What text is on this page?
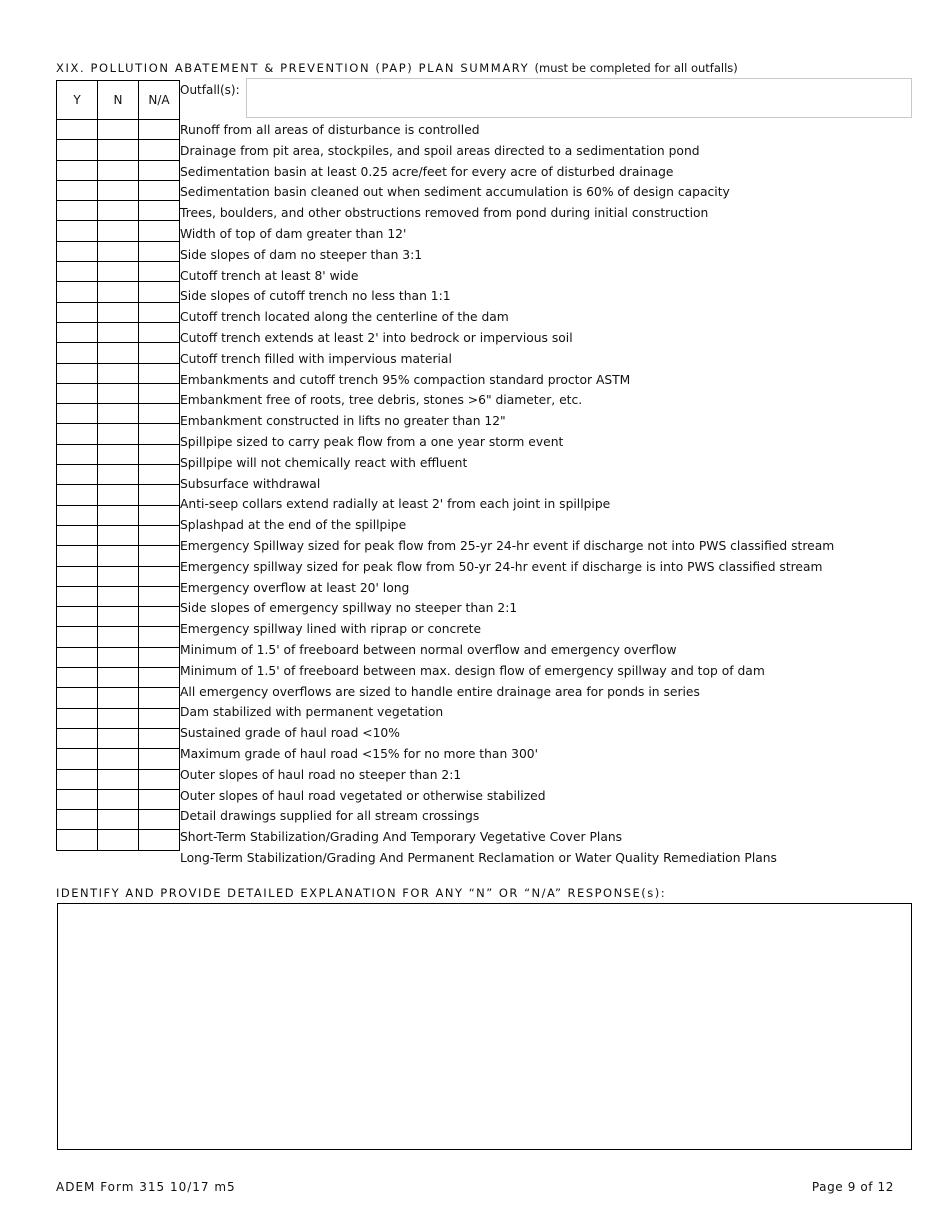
XIX. POLLUTION ABATEMENT & PREVENTION (PAP) PLAN SUMMARY (must be completed for all outfalls)
Y	N	N/A

Outfall(s):
Runoff from all areas of disturbance is controlled
Drainage from pit area, stockpiles, and spoil areas directed to a sedimentation pond
Sedimentation basin at least 0.25 acre/feet for every acre of disturbed drainage
Sedimentation basin cleaned out when sediment accumulation is 60% of design capacity
Trees, boulders, and other obstructions removed from pond during initial construction
Width of top of dam greater than 12'
Side slopes of dam no steeper than 3:1
Cutoff trench at least 8' wide
Side slopes of cutoff trench no less than 1:1
Cutoff trench located along the centerline of the dam
Cutoff trench extends at least 2' into bedrock or impervious soil
Cutoff trench filled with impervious material
Embankments and cutoff trench 95% compaction standard proctor ASTM
Embankment free of roots, tree debris, stones >6" diameter, etc.
Embankment constructed in lifts no greater than 12"
Spillpipe sized to carry peak flow from a one year storm event
Spillpipe will not chemically react with effluent
Subsurface withdrawal
Anti-seep collars extend radially at least 2' from each joint in spillpipe
Splashpad at the end of the spillpipe
Emergency Spillway sized for peak flow from 25-yr 24-hr event if discharge not into PWS classified stream
Emergency spillway sized for peak flow from 50-yr 24-hr event if discharge is into PWS classified stream
Emergency overflow at least 20' long
Side slopes of emergency spillway no steeper than 2:1
Emergency spillway lined with riprap or concrete
Minimum of 1.5' of freeboard between normal overflow and emergency overflow
Minimum of 1.5' of freeboard between max. design flow of emergency spillway and top of dam
All emergency overflows are sized to handle entire drainage area for ponds in series
Dam stabilized with permanent vegetation
Sustained grade of haul road <10%
Maximum grade of haul road <15% for no more than 300'
Outer slopes of haul road no steeper than 2:1
Outer slopes of haul road vegetated or otherwise stabilized
Detail drawings supplied for all stream crossings
Short-Term Stabilization/Grading And Temporary Vegetative Cover Plans
Long-Term Stabilization/Grading And Permanent Reclamation or Water Quality Remediation Plans
IDENTIFY AND PROVIDE DETAILED EXPLANATION FOR ANY “N” OR “N/A” RESPONSE(s):
ADEM Form 315 10/17 m5	Page 9 of 12
